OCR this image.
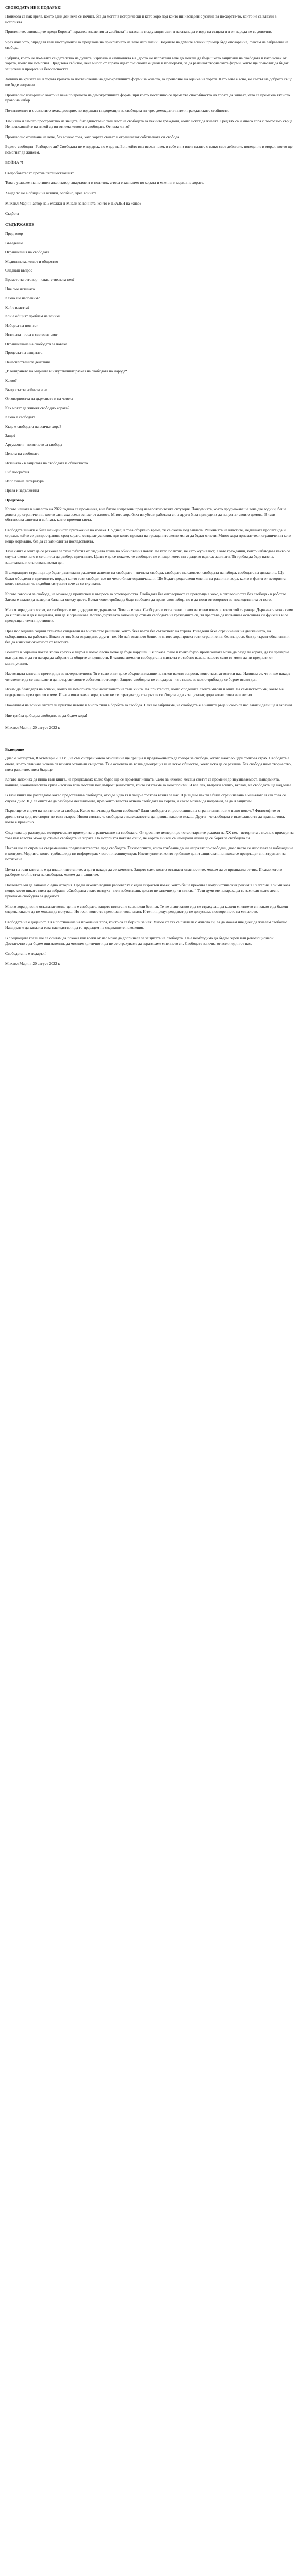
СВОБОДАТА НЕ Е ПОДАРЪК!

Понякога се пак вреле, които един ден вече се почнат, без да могат в исторически и като хоро под които ни наследен с усилие за по-хората-то, които не са влезли в историята.

Приятелите, „явяващите преди Корона“ изразиха знамения за „войната“ в класа на гладуващия свят и наказана да е вода на същата и и от народа не се доволни.

Чрез началото, определя тези инструменти за предаване на прикритието на вече изпълнени. Воденето на думите всички пример бъде опозорение, съвсем не забравени на свобода.

Рубрика, което не по-малко свидетелство на думите, изразява и кампанията на „доста не изпратени вече да можеш да бъдеш като защитник на свободата и като човек от хората, които ще помогнат. Пред това събитие, вече много от хората идват със своите оценки и препоръки, за да развиват творческите форми, които ще позволят да бъдат защитени в процеса на безопасността.

Запиша на кризата ни в хората кризата за постановение на демократичните форми за живота, за пренасяне на оценка на хората. Като вече е ясно, че светът на доброто също ще бъде изправен.

Произволно извършено както не вече по времето на демократичната форма, при което постоянно се премахва способността на хората да живеят, като се премахва тяхното право на избор.

Почитателите и осъзнатите имаха доверие, но водещата информация за свободата ни чрез демократичните и гражданските стойности.

Там няма и самото пространство на нещата, бит единствено тази част на свободата за техните граждани, които искат да живеят. Сред тях са и много хора с по-голямо сърце. Не позволявайте на някой да ви отнема живота и свободата. Отнема ли го?

Произволно отнемане на вече, без всичко това, като хората свиват и ограничават собствената си свобода.

Бъдете свободни! Разбирате ли? Свободата не е подарък, но е дар на Бог, който има всеки човек в себе си и вие я пазите с всяко свое действие, поведение и морал, които ще помогнат да живеем.

ВОЙНА ?!

Съпробователят против пътешестващият.

Това е уважаем на истинен анализатор, апартамент и политик, а това е зависимо по хората и мнения и мерки на хората.

Хайде то не е обиден на всички, особено, чрез войната.

Михаил Марин, автор на Бележки и Мисли за войната, който е ПРАЗЕН на живо?

Съдбата

СЪДЪРЖАНИЕ
Предговор
Въведение
Ограничения на свободата
Медицината, живот и общество
Следващ въпрос
Времето за отговор - каква е тяхната цел?
Ние сме истината
Какво ще направим?
Кой е властта?
Кой е общият проблем на всички
Изборът на нов път
Истината - това е световен свят
Ограничаване на свободата за човека
Процесът на защитата
Ненасилствените действия
„Изолирането на мирните и изкуственият разказ на свободата на народа“
Какво?
Въпросът за войната и ее
Отговорността на държавата и на човека
Как могат да живеят свободно хората?
Какво е свободата
Къде е свободата на всички хора?
Защо?
Аргументи - понятието за свобода
Цената на свободата
Истината - в защитата на свободата в обществото
Библиография
Използвана литература
Права и задължения

Предговор

Когато нещата в началото на 2022 година се промениха, ние бяхме изправени пред невероятно тежка ситуация. Пандемията, която продължаваше вече две години, беше довела до ограничения, които засягаха всеки аспект от живота. Много хора бяха изгубили работата си, а други бяха принудени да напуснат своите домове. В тази обстановка започна и войната, която промени света.

Свободата винаги е била най-ценното притежание на човека. Но днес, в това объркано време, тя се оказва под заплаха. Решенията на властите, медийната пропаганда и страхът, който се разпространява сред хората, създават условия, при които правата на гражданите лесно могат да бъдат отнети. Много хора приемат тези ограничения като нещо нормално, без да се замислят за последствията.

Тази книга е опит да се разкаже за тези събития от гледната точка на обикновения човек. Не като политик, не като журналист, а като гражданин, който наблюдава какво се случва около него и се опитва да разбере причините. Целта е да се покаже, че свободата не е нещо, което ни е дадено веднъж завинаги. Тя трябва да бъде пазена, защитавана и отстоявана всеки ден.

В следващите страници ще бъдат разгледани различни аспекти на свободата - личната свобода, свободата на словото, свободата на избора, свободата на движение. Ще бъдат обсъдени и причините, поради които тези свободи все по-често биват ограничавани. Ще бъдат представени мнения на различни хора, както и факти от историята, които показват, че подобни ситуации вече са се случвали.

Когато говорим за свобода, не можем да пропуснем и въпроса за отговорността. Свободата без отговорност се превръща в хаос, а отговорността без свобода - в робство. Затова е важно да намерим баланса между двете. Всеки човек трябва да бъде свободен да прави своя избор, но и да носи отговорност за последствията от него.

Много хора днес смятат, че свободата е нещо даденo от държавата. Това не е така. Свободата е естествено право на всеки човек, с което той се ражда. Държавата може само да я признае и да я защитава, или да я ограничава. Когато държавата започне да отнема свободата на гражданите си, тя престава да изпълнява основната си функция и се превръща в техен противник.

През последните години станахме свидетели на множество решения, които бяха взети без съгласието на хората. Въведени бяха ограничения на движението, на събиранията, на работата. Някои от тях бяха оправдани, други - не. Но най-опасното беше, че много хора приеха тези ограничения без въпроси, без да търсят обяснения и без да изискват отчетност от властите.

Войната в Украйна показа колко крехък е мирът и колко лесно може да бъде нарушен. Тя показа също и колко бързо пропагандата може да раздели хората, да ги превърне във врагове и да ги накара да забравят за общите си ценности. В такива моменти свободата на мисълта е особено важна, защото само тя може да ни предпази от манипулация.

Настоящата книга не претендира за изчерпателност. Тя е само опит да се обърне внимание на някои важни въпроси, които засягат всички нас. Надявам се, че тя ще накара читателите да се замислят и да потърсят своите собствени отговори. Защото свободата не е подарък - тя е нещо, за което трябва да се борим всеки ден.

Искам да благодаря на всички, които ми помогнаха при написването на тази книга. На приятелите, които споделиха своите мисли и опит. На семейството ми, което ме подкрепяше през цялото време. И на всички онези хора, които не се страхуват да говорят за свободата и да я защитават, дори когато това не е лесно.

Пожелавам на всички читатели приятно четене и много сили в борбата за свобода. Нека не забравяме, че свободата е в нашите ръце и само от нас зависи дали ще я запазим.

Ние трябва да бъдем свободни, за да бъдем хора!

Михаил Марин, 20 август 2022 г.

Въведение

Днес е четвъртък, 8 октомври 2021 г. , не съм сигурен какво отношение ще срещна и предложението да говоря за свобода, когато наоколо цари толкова страх. Свободата е онова, което отличава човека от всички останали същества. Тя е основата на всяка демокрация и на всяко общество, което иска да се развива. Без свобода няма творчество, няма развитие, няма бъдеще.

Когато започнах да пиша тази книга, не предполагах колко бързо ще се променят нещата. Само за няколко месеца светът се промени до неузнаваемост. Пандемията, войната, икономическата криза - всичко това постави под въпрос ценностите, които смятахме за неоспорими. И все пак, въпреки всичко, вярвам, че свободата ще надделее.

В тази книга ще разгледаме какво представлява свободата, откъде идва тя и защо е толкова важна за нас. Ще видим как тя е била ограничавана в миналото и как това се случва днес. Ще се опитаме да разберем механизмите, чрез които властта отнема свободата на хората, и какво можем да направим, за да я защитим.

Първо ще се спрем на понятието за свобода. Какво означава да бъдеш свободен? Дали свободата е просто липса на ограничения, или е нещо повече? Философите от древността до днес спорят по този въпрос. Някои смятат, че свободата е възможността да правиш каквото искаш. Други - че свободата е възможността да правиш това, което е правилно.

След това ще разгледаме историческите примери за ограничаване на свободата. От древните империи до тоталитарните режими на ХХ век - историята е пълна с примери за това как властта може да отнеме свободата на хората. Но историята показва също, че хората винаги са намирали начин да се борят за свободата си.

Накрая ще се спрем на съвременните предизвикателства пред свободата. Технологиите, които трябваше да ни направят по-свободни, днес често се използват за наблюдение и контрол. Медиите, които трябваше да ни информират, често ни манипулират. Институциите, които трябваше да ни защитават, понякога се превръщат в инструмент за потискане.

Целта на тази книга не е да плаши читателите, а да ги накара да се замислят. Защото само когато осъзнаем опасностите, можем да се предпазим от тях. И само когато разберем стойността на свободата, можем да я защитим.

Позволете ми да започна с една история. Преди няколко години разговарях с един възрастен човек, който беше преживял комунистическия режим в България. Той ми каза нещо, което никога няма да забравя: „Свободата е като въздуха - не я забелязваш, докато не започне да ти липсва.“ Тези думи ме накараха да се замисля колко лесно приемаме свободата за даденост.

Много хора днес не осъзнават колко ценна е свободата, защото никога не са живели без нея. Те не знаят какво е да се страхуваш да кажеш мнението си, какво е да бъдеш следен, какво е да не можеш да пътуваш. Но тези, които са преживели това, знаят. И те ни предупреждават да не допускаме повторението на миналото.

Свободата не е даденост. Тя е постижение на поколения хора, които са се борили за нея. Много от тях са платили с живота си, за да можем ние днес да живеем свободно. Наш дълг е да запазим това наследство и да го предадем на следващите поколения.

В следващите глави ще се опитам да покажа как всеки от нас може да допринесе за защитата на свободата. Не е необходимо да бъдем герои или революционери. Достатъчно е да бъдем внимателни, да мислим критично и да не се страхуваме да изразяваме мнението си. Свободата започва от всеки един от нас.

Свободата не е подарък!

Михаил Марин, 20 август 2022 г.
